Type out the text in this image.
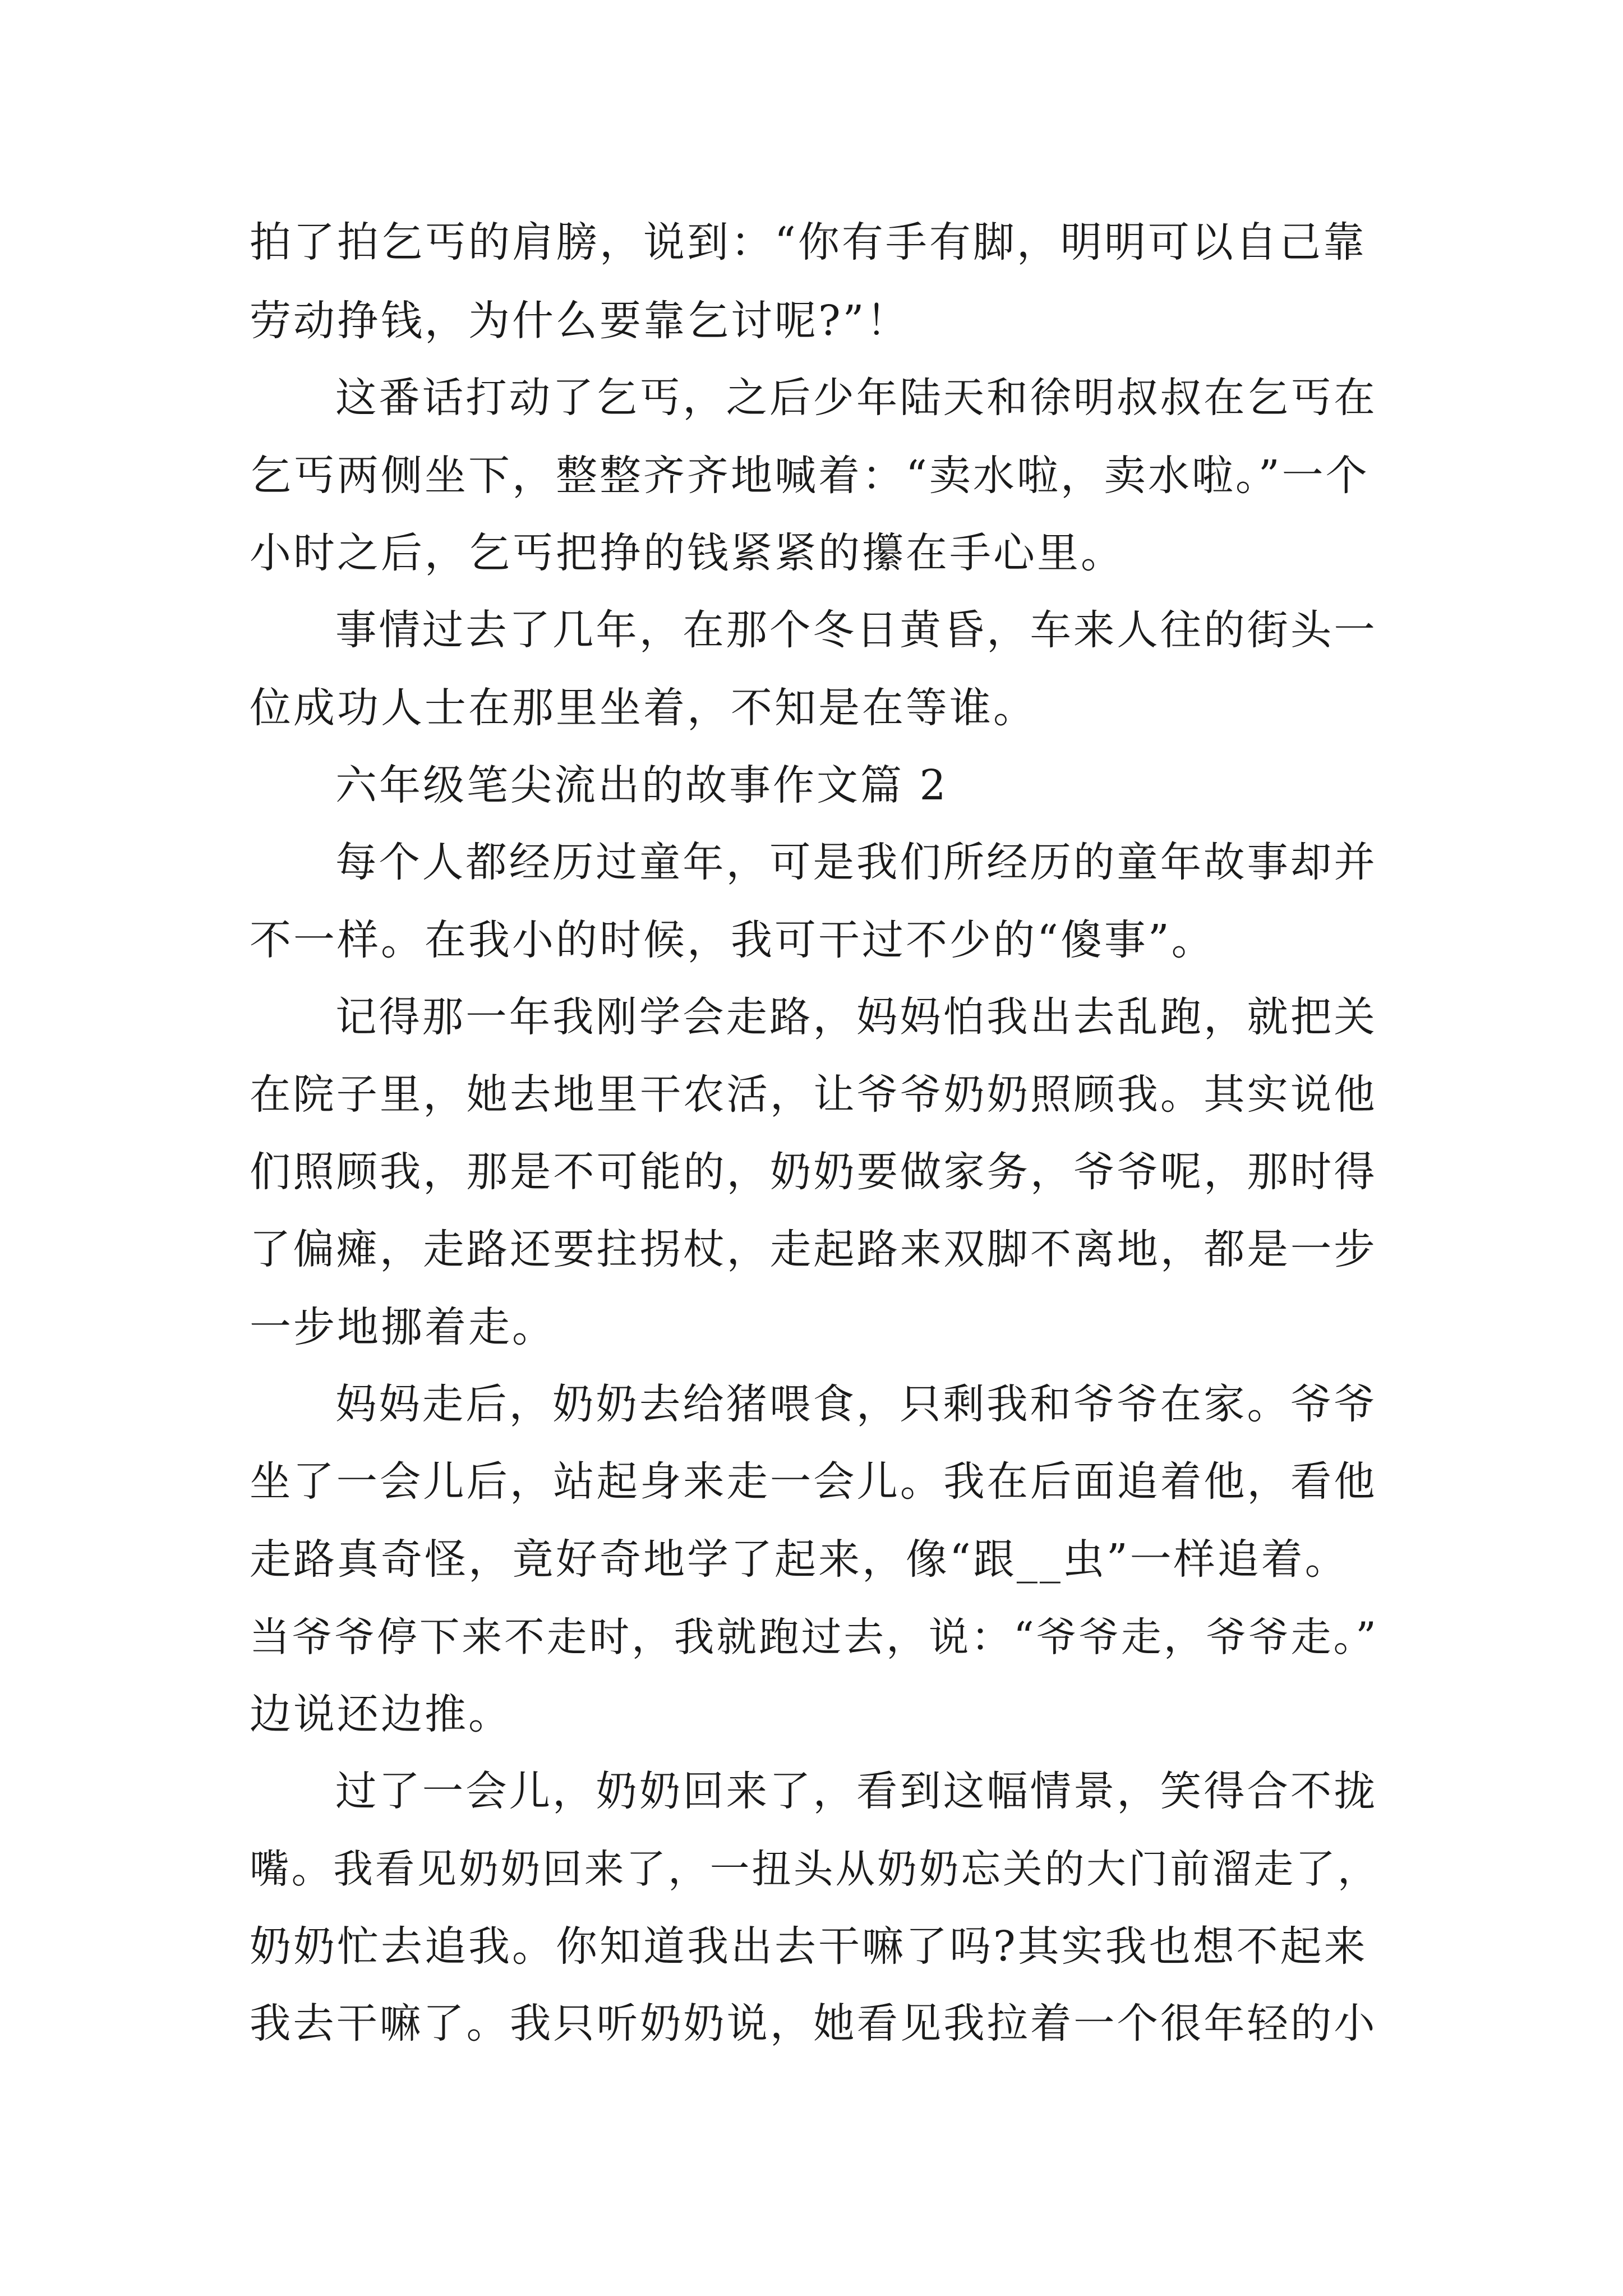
拍了拍乞丐的肩膀，说到：“你有手有脚，明明可以自己靠
劳动挣钱，为什么要靠乞讨呢?”！
这番话打动了乞丐，之后少年陆天和徐明叔叔在乞丐在
乞丐两侧坐下，整整齐齐地喊着：“卖水啦，卖水啦。”一个
小时之后，乞丐把挣的钱紧紧的攥在手心里。
事情过去了几年，在那个冬日黄昏，车来人往的街头一
位成功人士在那里坐着，不知是在等谁。
六年级笔尖流出的故事作文篇 2
每个人都经历过童年，可是我们所经历的童年故事却并
不一样。在我小的时候，我可干过不少的“傻事”。
记得那一年我刚学会走路，妈妈怕我出去乱跑，就把关
在院子里，她去地里干农活，让爷爷奶奶照顾我。其实说他
们照顾我，那是不可能的，奶奶要做家务，爷爷呢，那时得
了偏瘫，走路还要拄拐杖，走起路来双脚不离地，都是一步
一步地挪着走。
妈妈走后，奶奶去给猪喂食，只剩我和爷爷在家。爷爷
坐了一会儿后，站起身来走一会儿。我在后面追着他，看他
走路真奇怪，竟好奇地学了起来，像“跟__虫”一样追着。
当爷爷停下来不走时，我就跑过去，说：“爷爷走，爷爷走。”
边说还边推。
过了一会儿，奶奶回来了，看到这幅情景，笑得合不拢
嘴。我看见奶奶回来了，一扭头从奶奶忘关的大门前溜走了，
奶奶忙去追我。你知道我出去干嘛了吗?其实我也想不起来
我去干嘛了。我只听奶奶说，她看见我拉着一个很年轻的小
